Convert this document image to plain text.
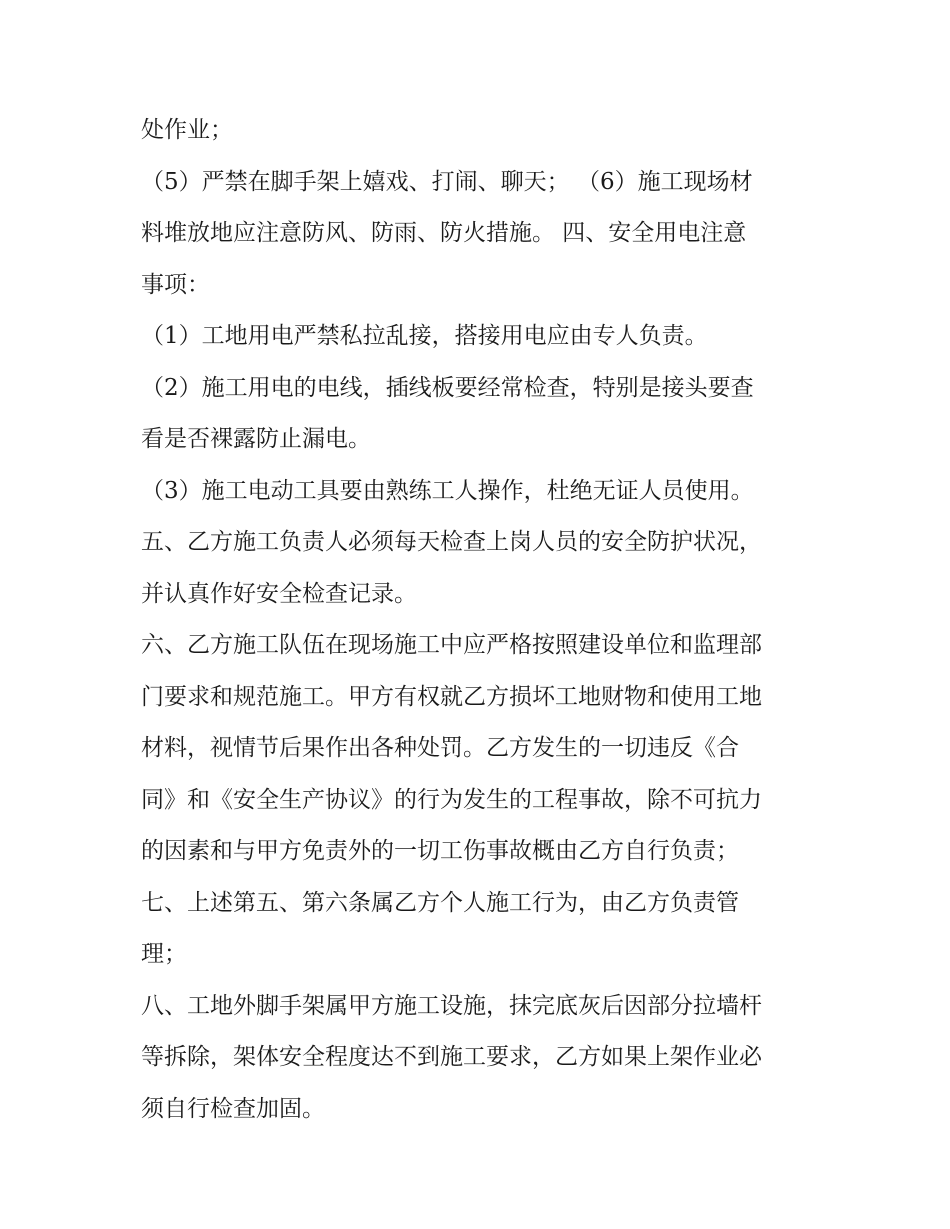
处作业；
（5）严禁在脚手架上嬉戏、打闹、聊天； （6）施工现场材
料堆放地应注意防风、防雨、防火措施。 四、安全用电注意
事项：
（1）工地用电严禁私拉乱接，搭接用电应由专人负责。
（2）施工用电的电线，插线板要经常检查，特别是接头要查
看是否裸露防止漏电。
（3）施工电动工具要由熟练工人操作，杜绝无证人员使用。
五、乙方施工负责人必须每天检查上岗人员的安全防护状况，
并认真作好安全检查记录。
六、乙方施工队伍在现场施工中应严格按照建设单位和监理部
门要求和规范施工。甲方有权就乙方损坏工地财物和使用工地
材料，视情节后果作出各种处罚。乙方发生的一切违反《合
同》和《安全生产协议》的行为发生的工程事故，除不可抗力
的因素和与甲方免责外的一切工伤事故概由乙方自行负责；
七、上述第五、第六条属乙方个人施工行为，由乙方负责管
理；
八、工地外脚手架属甲方施工设施，抹完底灰后因部分拉墙杆
等拆除，架体安全程度达不到施工要求，乙方如果上架作业必
须自行检查加固。
